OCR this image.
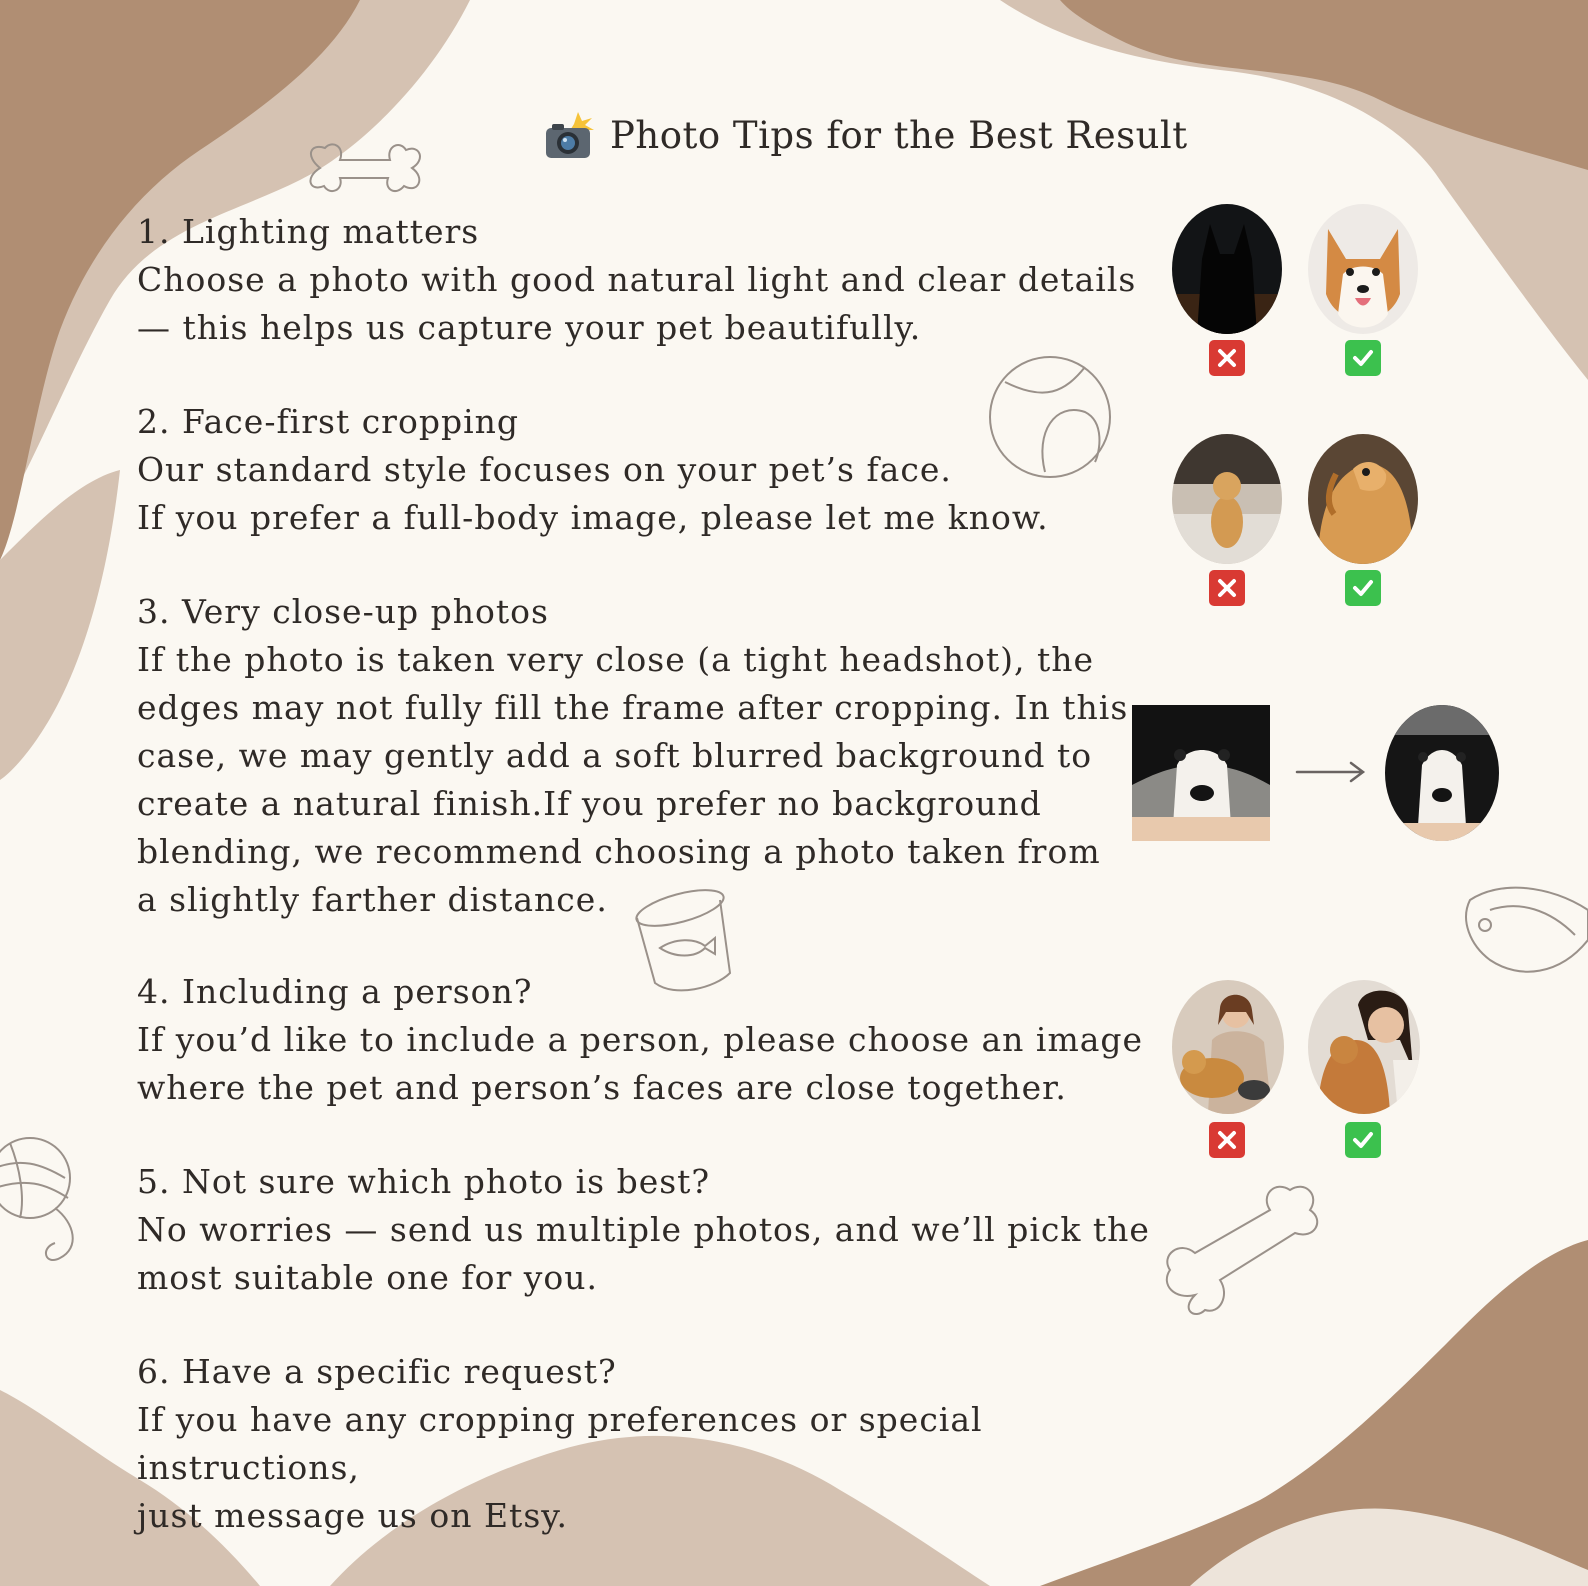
Photo Tips for the Best Result
1. Lighting matters
Choose a photo with good natural light and clear details
— this helps us capture your pet beautifully.
2. Face-first cropping
Our standard style focuses on your pet’s face.
If you prefer a full-body image, please let me know.
3. Very close-up photos
If the photo is taken very close (a tight headshot), the
edges may not fully fill the frame after cropping. In this
case, we may gently add a soft blurred background to
create a natural finish.If you prefer no background
blending, we recommend choosing a photo taken from
a slightly farther distance.
4. Including a person?
If you’d like to include a person, please choose an image
where the pet and person’s faces are close together.
5. Not sure which photo is best?
No worries — send us multiple photos, and we’ll pick the
most suitable one for you.
6. Have a specific request?
If you have any cropping preferences or special instructions,
just message us on Etsy.
